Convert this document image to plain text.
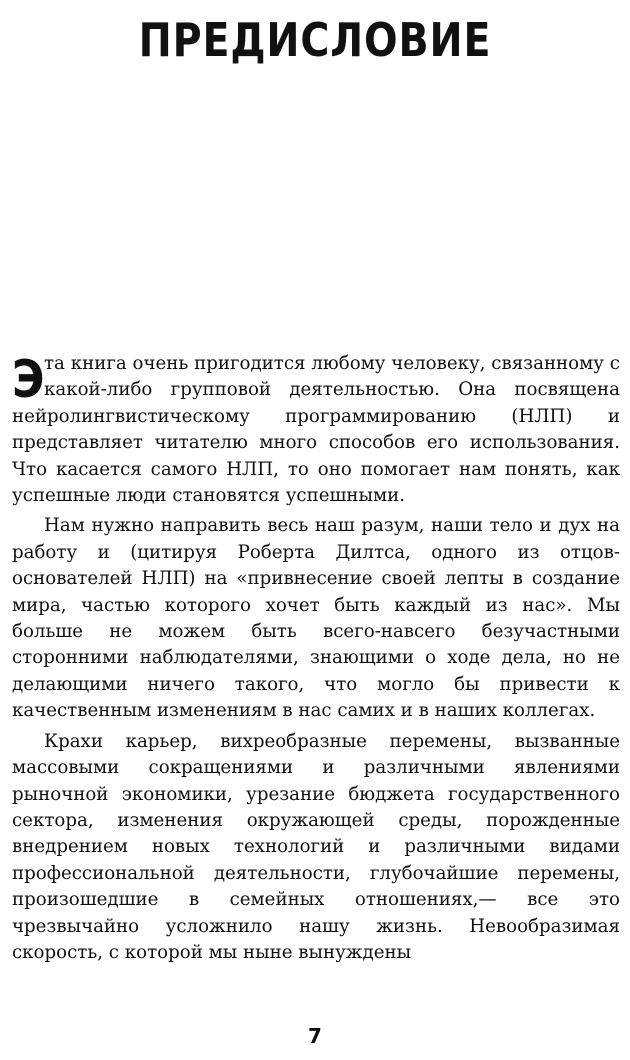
ПРЕДИСЛОВИЕ

Эта книга очень пригодится любому человеку, связанному с какой-либо групповой деятельностью. Она посвящена нейролингвистическому программированию (НЛП) и представляет читателю много способов его использования. Что касается самого НЛП, то оно помогает нам понять, как успешные люди становятся успешными.

Нам нужно направить весь наш разум, наши тело и дух на работу и (цитируя Роберта Дилтса, одного из отцов-основателей НЛП) на «привнесение своей лепты в создание мира, частью которого хочет быть каждый из нас». Мы больше не можем быть всего-навсего безучастными сторонними наблюдателями, знающими о ходе дела, но не делающими ничего такого, что могло бы привести к качественным изменениям в нас самих и в наших коллегах.

Крахи карьер, вихреобразные перемены, вызванные массовыми сокращениями и различными явлениями рыночной экономики, урезание бюджета государственного сектора, изменения окружающей среды, порожденные внедрением новых технологий и различными видами профессиональной деятельности, глубочайшие перемены, произошедшие в семейных отношениях,— все это чрезвычайно усложнило нашу жизнь. Невообразимая скорость, с которой мы ныне вынуждены

7
